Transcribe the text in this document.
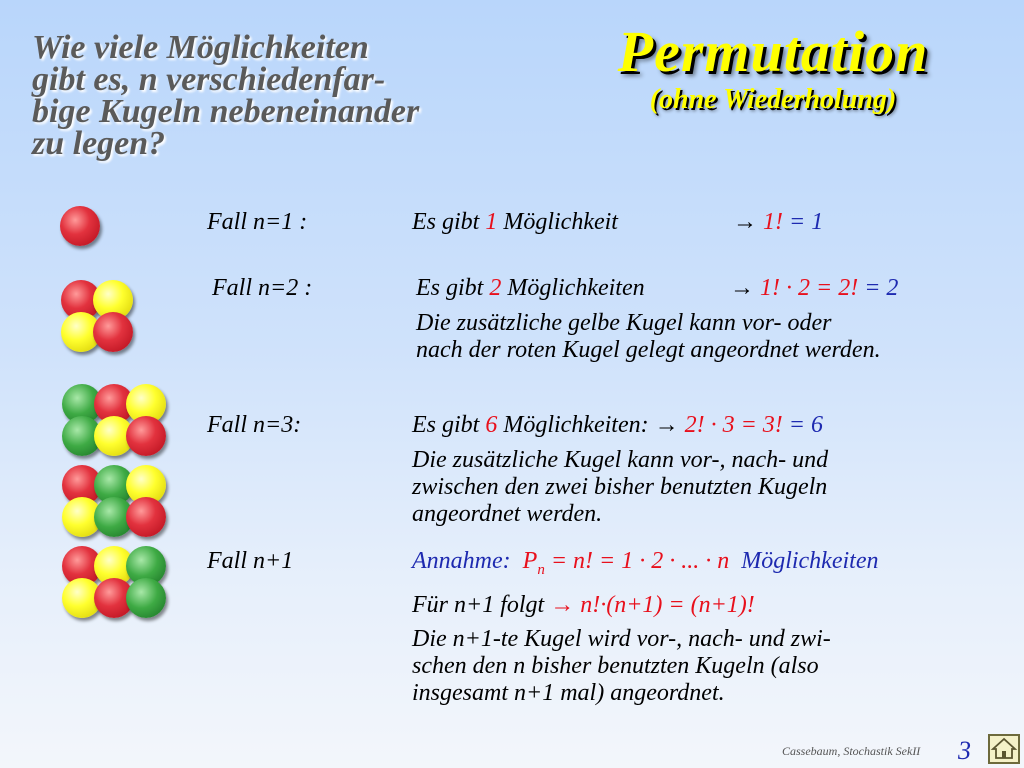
Wie viele Möglichkeiten
gibt es, n verschiedenfar-
bige Kugeln nebeneinander
zu legen?
Permutation
(ohne Wiederholung)
Fall n=1 :	Es gibt 1 Möglichkeit	→ 1! = 1
Fall n=2 :	Es gibt 2 Möglichkeiten	→ 1! · 2 = 2! = 2
Die zusätzliche gelbe Kugel kann vor- oder
nach der roten Kugel gelegt angeordnet werden.
Fall n=3:	Es gibt 6 Möglichkeiten: → 2! · 3 = 3! = 6
Die zusätzliche Kugel kann vor-, nach- und
zwischen den zwei bisher benutzten Kugeln
angeordnet werden.
Fall n+1	Annahme: $P_n = n$! = 1 · 2 · ... · n Möglichkeiten
Für n+1 folgt → n!·(n+1) = (n+1)!
Die n+1-te Kugel wird vor-, nach- und zwi-
schen den n bisher benutzten Kugeln (also
insgesamt n+1 mal) angeordnet.
Cassebaum, Stochastik SekII 3
